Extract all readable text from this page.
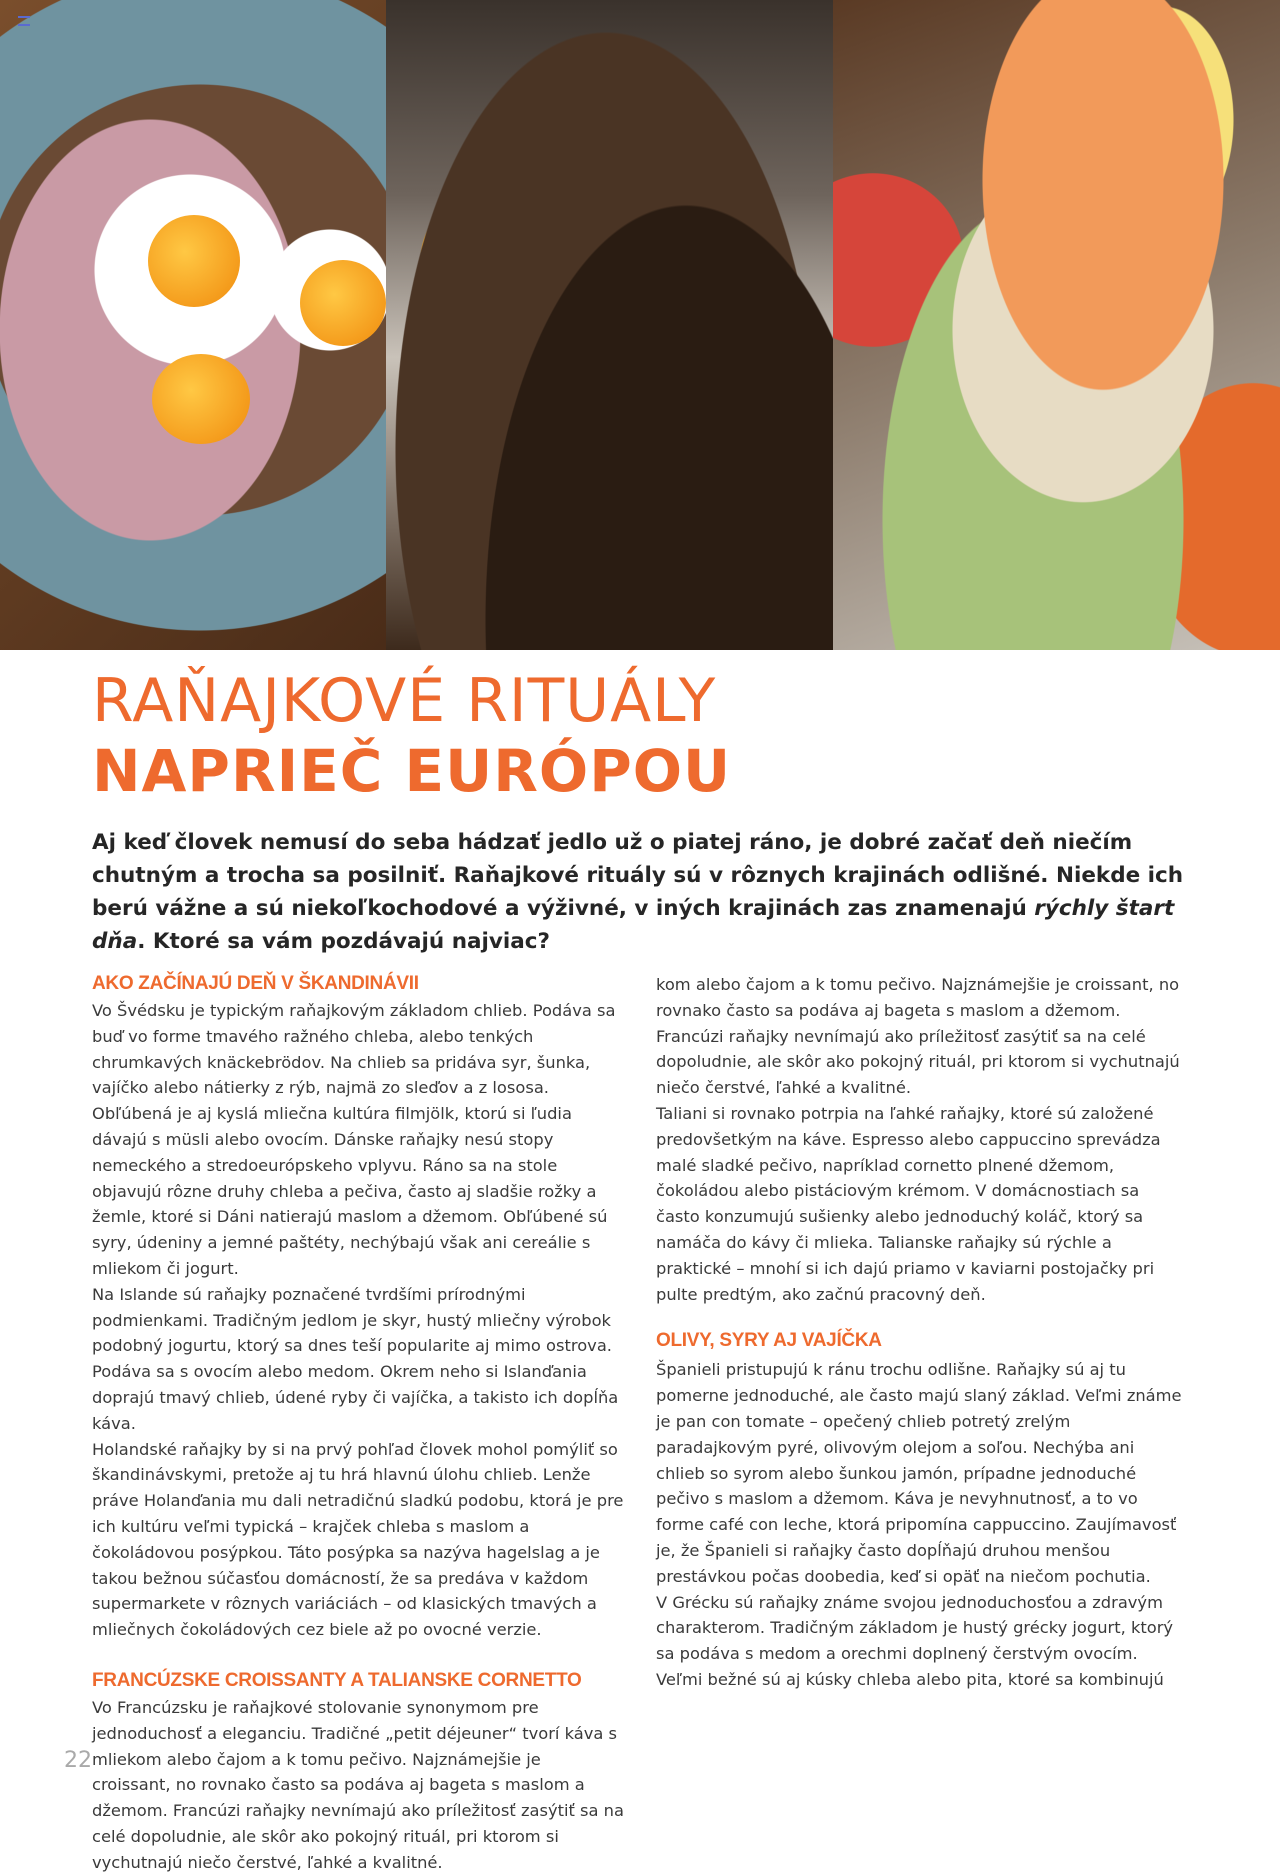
RAŇAJKOVÉ RITUÁLY
NAPRIEČ EURÓPOU

Aj keď človek nemusí do seba hádzať jedlo už o piatej ráno, je dobré začať deň niečím chutným a trocha sa posilniť. Raňajkové rituály sú v rôznych krajinách odlišné. Niekde ich berú vážne a sú niekoľkochodové a výživné, v iných krajinách zas znamenajú rýchly štart dňa. Ktoré sa vám pozdávajú najviac?

AKO ZAČÍNAJÚ DEŇ V ŠKANDINÁVII

Vo Švédsku je typickým raňajkovým základom chlieb. Podáva sa buď vo forme tmavého ražného chleba, alebo tenkých chrumkavých knäckebrödov. Na chlieb sa pridáva syr, šunka, vajíčko alebo nátierky z rýb, najmä zo sleďov a z lososa. Obľúbená je aj kyslá mliečna kultúra filmjölk, ktorú si ľudia dávajú s müsli alebo ovocím. Dánske raňajky nesú stopy nemeckého a stredoeurópskeho vplyvu. Ráno sa na stole objavujú rôzne druhy chleba a pečiva, často aj sladšie rožky a žemle, ktoré si Dáni natierajú maslom a džemom. Obľúbené sú syry, údeniny a jemné paštéty, nechýbajú však ani cereálie s mliekom či jogurt.

Na Islande sú raňajky poznačené tvrdšími prírodnými podmienkami. Tradičným jedlom je skyr, hustý mliečny výrobok podobný jogurtu, ktorý sa dnes teší popularite aj mimo ostrova. Podáva sa s ovocím alebo medom. Okrem neho si Islanďania doprajú tmavý chlieb, údené ryby či vajíčka, a takisto ich dopĺňa káva.

Holandské raňajky by si na prvý pohľad človek mohol pomýliť so škandinávskymi, pretože aj tu hrá hlavnú úlohu chlieb. Lenže práve Holanďania mu dali netradičnú sladkú podobu, ktorá je pre ich kultúru veľmi typická – krajček chleba s maslom a čokoládovou posýpkou. Táto posýpka sa nazýva hagelslag a je takou bežnou súčasťou domácností, že sa predáva v každom supermarkete v rôznych variáciách – od klasických tmavých a mliečnych čokoládových cez biele až po ovocné verzie.

FRANCÚZSKE CROISSANTY A TALIANSKE CORNETTO

Vo Francúzsku je raňajkové stolovanie synonymom pre jednoduchosť a eleganciu. Tradičné „petit déjeuner“ tvorí káva s mliekom alebo čajom a k tomu pečivo. Najznámejšie je croissant, no rovnako často sa podáva aj bageta s maslom a džemom. Francúzi raňajky nevnímajú ako príležitosť zasýtiť sa na celé dopoludnie, ale skôr ako pokojný rituál, pri ktorom si vychutnajú niečo čerstvé, ľahké a kvalitné.

kom alebo čajom a k tomu pečivo. Najznámejšie je croissant, no rovnako často sa podáva aj bageta s maslom a džemom. Francúzi raňajky nevnímajú ako príležitosť zasýtiť sa na celé dopoludnie, ale skôr ako pokojný rituál, pri ktorom si vychutnajú niečo čerstvé, ľahké a kvalitné.

Taliani si rovnako potrpia na ľahké raňajky, ktoré sú založené predovšetkým na káve. Espresso alebo cappuccino sprevádza malé sladké pečivo, napríklad cornetto plnené džemom, čokoládou alebo pistáciovým krémom. V domácnostiach sa často konzumujú sušienky alebo jednoduchý koláč, ktorý sa namáča do kávy či mlieka. Talianske raňajky sú rýchle a praktické – mnohí si ich dajú priamo v kaviarni postojačky pri pulte predtým, ako začnú pracovný deň.

OLIVY, SYRY AJ VAJÍČKA

Španieli pristupujú k ránu trochu odlišne. Raňajky sú aj tu pomerne jednoduché, ale často majú slaný základ. Veľmi známe je pan con tomate – opečený chlieb potretý zrelým paradajkovým pyré, olivovým olejom a soľou. Nechýba ani chlieb so syrom alebo šunkou jamón, prípadne jednoduché pečivo s maslom a džemom. Káva je nevyhnutnosť, a to vo forme café con leche, ktorá pripomína cappuccino. Zaujímavosť je, že Španieli si raňajky často dopĺňajú druhou menšou prestávkou počas doobedia, keď si opäť na niečom pochutia.

V Grécku sú raňajky známe svojou jednoduchosťou a zdravým charakterom. Tradičným základom je hustý grécky jogurt, ktorý sa podáva s medom a orechmi doplnený čerstvým ovocím. Veľmi bežné sú aj kúsky chleba alebo pita, ktoré sa kombinujú

22
